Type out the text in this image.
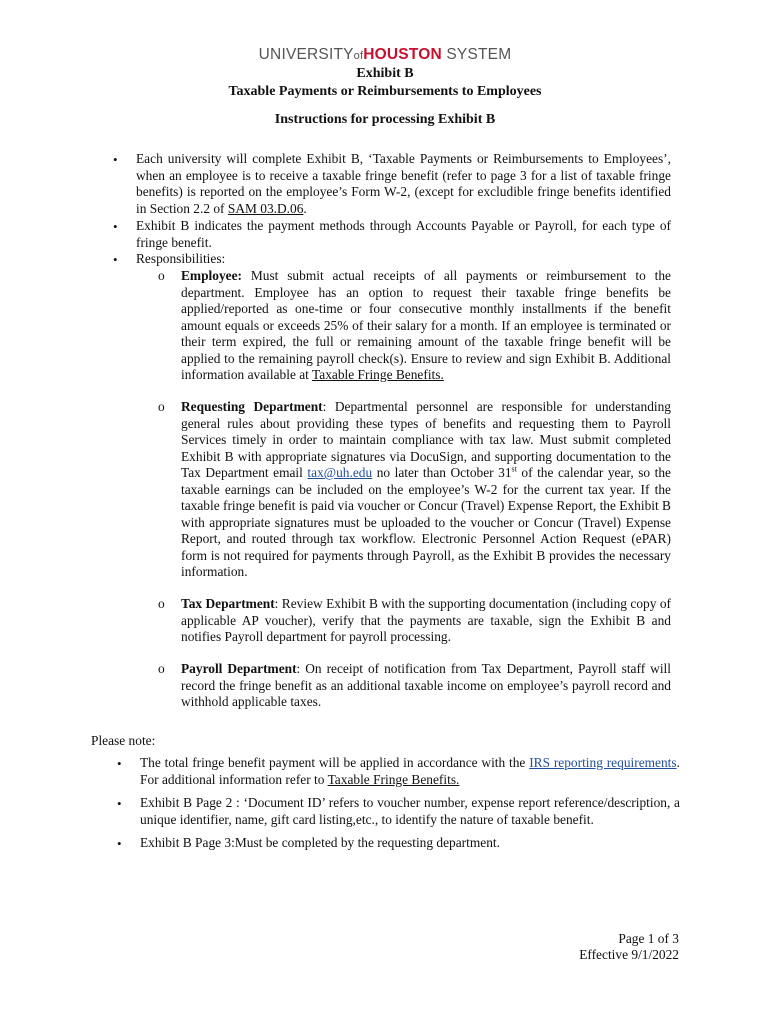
UNIVERSITYofHOUSTON SYSTEM
Exhibit B
Taxable Payments or Reimbursements to Employees
Instructions for processing Exhibit B
• Each university will complete Exhibit B, ‘Taxable Payments or Reimbursements to Employees’, when an employee is to receive a taxable fringe benefit (refer to page 3 for a list of taxable fringe benefits) is reported on the employee’s Form W-2, (except for excludible fringe benefits identified in Section 2.2 of SAM 03.D.06.

• Exhibit B indicates the payment methods through Accounts Payable or Payroll, for each type of fringe benefit.

• Responsibilities:

o Employee: Must submit actual receipts of all payments or reimbursement to the department. Employee has an option to request their taxable fringe benefits be applied/reported as one-time or four consecutive monthly installments if the benefit amount equals or exceeds 25% of their salary for a month. If an employee is terminated or their term expired, the full or remaining amount of the taxable fringe benefit will be applied to the remaining payroll check(s). Ensure to review and sign Exhibit B. Additional information available at Taxable Fringe Benefits.

o Requesting Department: Departmental personnel are responsible for understanding general rules about providing these types of benefits and requesting them to Payroll Services timely in order to maintain compliance with tax law. Must submit completed Exhibit B with appropriate signatures via DocuSign, and supporting documentation to the Tax Department email tax@uh.edu no later than October 31st of the calendar year, so the taxable earnings can be included on the employee’s W-2 for the current tax year. If the taxable fringe benefit is paid via voucher or Concur (Travel) Expense Report, the Exhibit B with appropriate signatures must be uploaded to the voucher or Concur (Travel) Expense Report, and routed through tax workflow. Electronic Personnel Action Request (ePAR) form is not required for payments through Payroll, as the Exhibit B provides the necessary information.

o Tax Department: Review Exhibit B with the supporting documentation (including copy of applicable AP voucher), verify that the payments are taxable, sign the Exhibit B and notifies Payroll department for payroll processing.

o Payroll Department: On receipt of notification from Tax Department, Payroll staff will record the fringe benefit as an additional taxable income on employee’s payroll record and withhold applicable taxes.

Please note:

• The total fringe benefit payment will be applied in accordance with the IRS reporting requirements. For additional information refer to Taxable Fringe Benefits.

• Exhibit B Page 2 : ‘Document ID’ refers to voucher number, expense report reference/description, a unique identifier, name, gift card listing,etc., to identify the nature of taxable benefit.

• Exhibit B Page 3:Must be completed by the requesting department.

Page 1 of 3
Effective 9/1/2022
